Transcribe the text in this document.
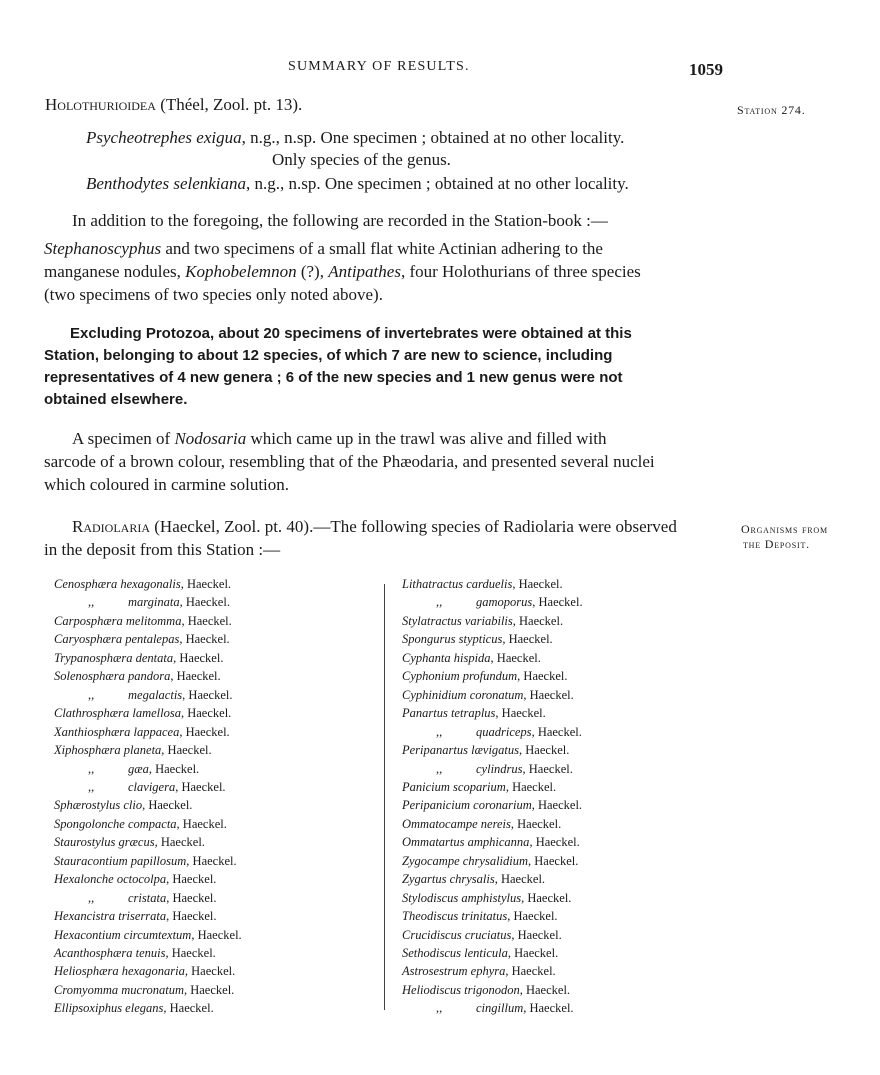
SUMMARY OF RESULTS.	1059
Station 274.
Organisms from
the Deposit.
Holothurioidea (Théel, Zool. pt. 13).
Psycheotrephes exigua, n.g., n.sp. One specimen ; obtained at no other locality.
Only species of the genus.
Benthodytes selenkiana, n.g., n.sp. One specimen ; obtained at no other locality.
In addition to the foregoing, the following are recorded in the Station-book :—
Stephanoscyphus and two specimens of a small flat white Actinian adhering to the
manganese nodules, Kophobelemnon (?), Antipathes, four Holothurians of three species
(two specimens of two species only noted above).
Excluding Protozoa, about 20 specimens of invertebrates were obtained at this
Station, belonging to about 12 species, of which 7 are new to science, including
representatives of 4 new genera ; 6 of the new species and 1 new genus were not
obtained elsewhere.
A specimen of Nodosaria which came up in the trawl was alive and filled with
sarcode of a brown colour, resembling that of the Phæodaria, and presented several nuclei
which coloured in carmine solution.
Radiolaria (Haeckel, Zool. pt. 40).—The following species of Radiolaria were observed
in the deposit from this Station :—
Cenosphæra hexagonalis, Haeckel.
,,	marginata, Haeckel.
Carposphæra melitomma, Haeckel.
Caryosphæra pentalepas, Haeckel.
Trypanosphæra dentata, Haeckel.
Solenosphæra pandora, Haeckel.
,,	megalactis, Haeckel.
Clathrosphæra lamellosa, Haeckel.
Xanthiosphæra lappacea, Haeckel.
Xiphosphæra planeta, Haeckel.
,,	gæa, Haeckel.
,,	clavigera, Haeckel.
Sphærostylus clio, Haeckel.
Spongolonche compacta, Haeckel.
Staurostylus græcus, Haeckel.
Stauracontium papillosum, Haeckel.
Hexalonche octocolpa, Haeckel.
,,	cristata, Haeckel.
Hexancistra triserrata, Haeckel.
Hexacontium circumtextum, Haeckel.
Acanthosphæra tenuis, Haeckel.
Heliosphæra hexagonaria, Haeckel.
Cromyomma mucronatum, Haeckel.
Ellipsoxiphus elegans, Haeckel.
Lithatractus carduelis, Haeckel.
,,	gamoporus, Haeckel.
Stylatractus variabilis, Haeckel.
Spongurus stypticus, Haeckel.
Cyphanta hispida, Haeckel.
Cyphonium profundum, Haeckel.
Cyphinidium coronatum, Haeckel.
Panartus tetraplus, Haeckel.
,,	quadriceps, Haeckel.
Peripanartus lævigatus, Haeckel.
,,	cylindrus, Haeckel.
Panicium scoparium, Haeckel.
Peripanicium coronarium, Haeckel.
Ommatocampe nereis, Haeckel.
Ommatartus amphicanna, Haeckel.
Zygocampe chrysalidium, Haeckel.
Zygartus chrysalis, Haeckel.
Stylodiscus amphistylus, Haeckel.
Theodiscus trinitatus, Haeckel.
Crucidiscus cruciatus, Haeckel.
Sethodiscus lenticula, Haeckel.
Astrosestrum ephyra, Haeckel.
Heliodiscus trigonodon, Haeckel.
,,	cingillum, Haeckel.
